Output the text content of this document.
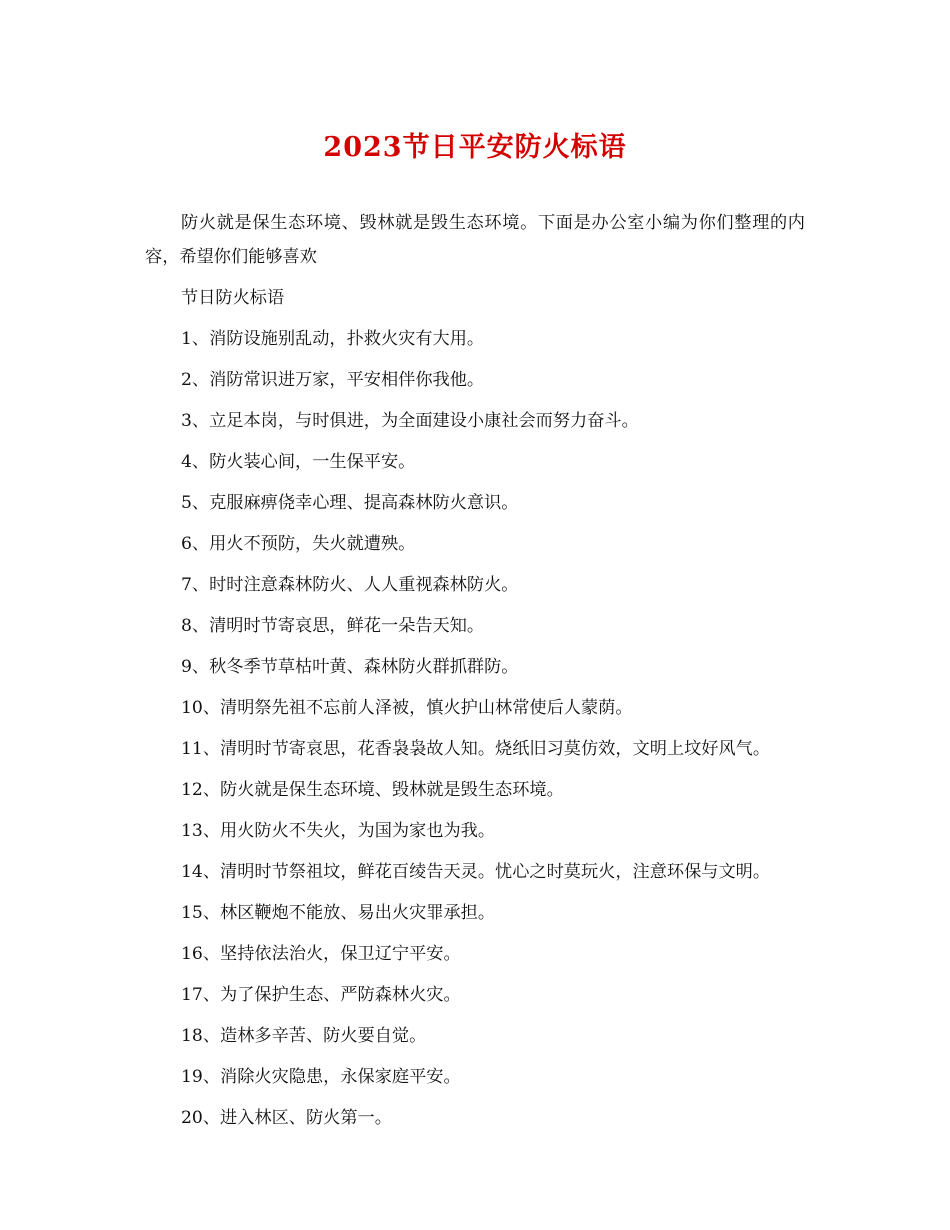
2023节日平安防火标语

防火就是保生态环境、毁林就是毁生态环境。下面是办公室小编为你们整理的内容，希望你们能够喜欢

节日防火标语

1、消防设施别乱动，扑救火灾有大用。

2、消防常识进万家，平安相伴你我他。

3、立足本岗，与时俱进，为全面建设小康社会而努力奋斗。

4、防火装心间，一生保平安。

5、克服麻痹侥幸心理、提高森林防火意识。

6、用火不预防，失火就遭殃。

7、时时注意森林防火、人人重视森林防火。

8、清明时节寄哀思，鲜花一朵告天知。

9、秋冬季节草枯叶黄、森林防火群抓群防。

10、清明祭先祖不忘前人泽被，慎火护山林常使后人蒙荫。

11、清明时节寄哀思，花香袅袅故人知。烧纸旧习莫仿效，文明上坟好风气。

12、防火就是保生态环境、毁林就是毁生态环境。

13、用火防火不失火，为国为家也为我。

14、清明时节祭祖坟，鲜花百绫告天灵。忧心之时莫玩火，注意环保与文明。

15、林区鞭炮不能放、易出火灾罪承担。

16、坚持依法治火，保卫辽宁平安。

17、为了保护生态、严防森林火灾。

18、造林多辛苦、防火要自觉。

19、消除火灾隐患，永保家庭平安。

20、进入林区、防火第一。
